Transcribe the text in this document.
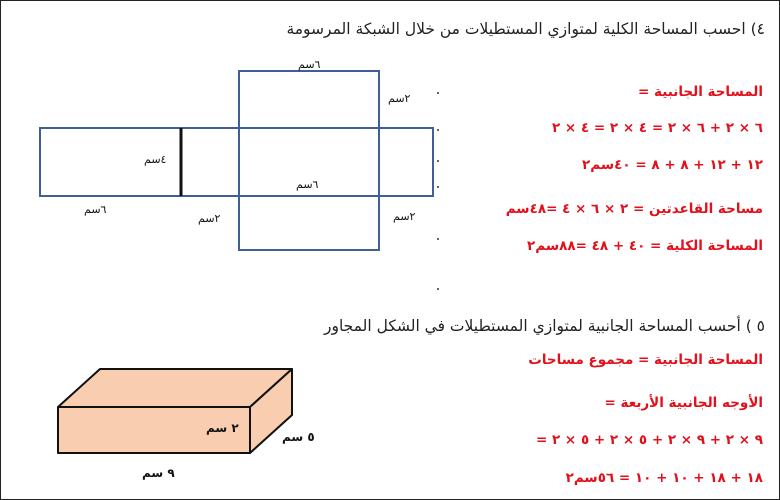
٤) احسب المساحة الكلية لمتوازي المستطيلات من خلال الشبكة المرسومة
٦سم
٢سم
٤سم
٦سم
٦سم
٢سم	٢سم
المساحة الجانبية =
٦ × ٢ + ٦ × ٢ = ٤ × ٢ = ٤ × ٢
١٢ + ١٢ + ٨ + ٨ = ٤٠سم٢
مساحة القاعدتين = ٢ × ٦ × ٤ =٤٨سم
المساحة الكلية = ٤٠ + ٤٨ =٨٨سم٢
٥ ) أحسب المساحة الجانبية لمتوازي المستطيلات في الشكل المجاور
٢ سم
٥ سم
٩ سم
المساحة الجانبية = مجموع مساحات
الأوجه الجانبية الأربعة =
٩ × ٢ + ٩ × ٢ + ٥ × ٢ + ٥ × ٢ =
١٨ + ١٨ + ١٠ + ١٠ = ٥٦سم٢
